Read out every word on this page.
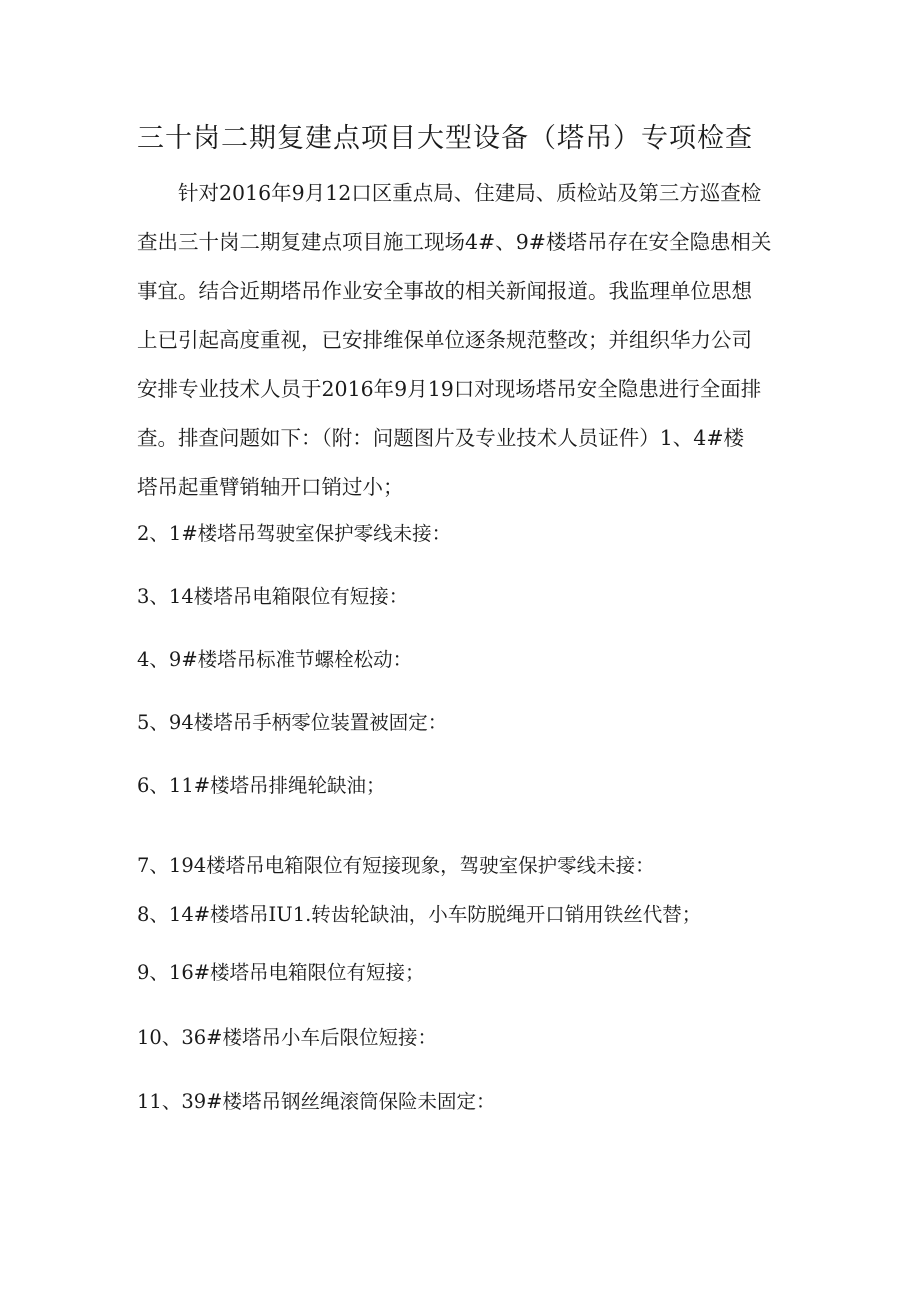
三十岗二期复建点项目大型设备（塔吊）专项检查

针对2016年9月12口区重点局、住建局、质检站及第三方巡查检
查出三十岗二期复建点项目施工现场4#、9#楼塔吊存在安全隐患相关
事宜。结合近期塔吊作业安全事故的相关新闻报道。我监理单位思想
上已引起高度重视，已安排维保单位逐条规范整改；并组织华力公司
安排专业技术人员于2016年9月19口对现场塔吊安全隐患进行全面排
查。排查问题如下：（附：问题图片及专业技术人员证件）1、4#楼
塔吊起重臂销轴开口销过小；

2、1#楼塔吊驾驶室保护零线未接：

3、14楼塔吊电箱限位有短接：

4、9#楼塔吊标准节螺栓松动：

5、94楼塔吊手柄零位装置被固定：

6、11#楼塔吊排绳轮缺油；

7、194楼塔吊电箱限位有短接现象，驾驶室保护零线未接：

8、14#楼塔吊IU1.转齿轮缺油，小车防脱绳开口销用铁丝代替；

9、16#楼塔吊电箱限位有短接；

10、36#楼塔吊小车后限位短接：

11、39#楼塔吊钢丝绳滚筒保险未固定：
